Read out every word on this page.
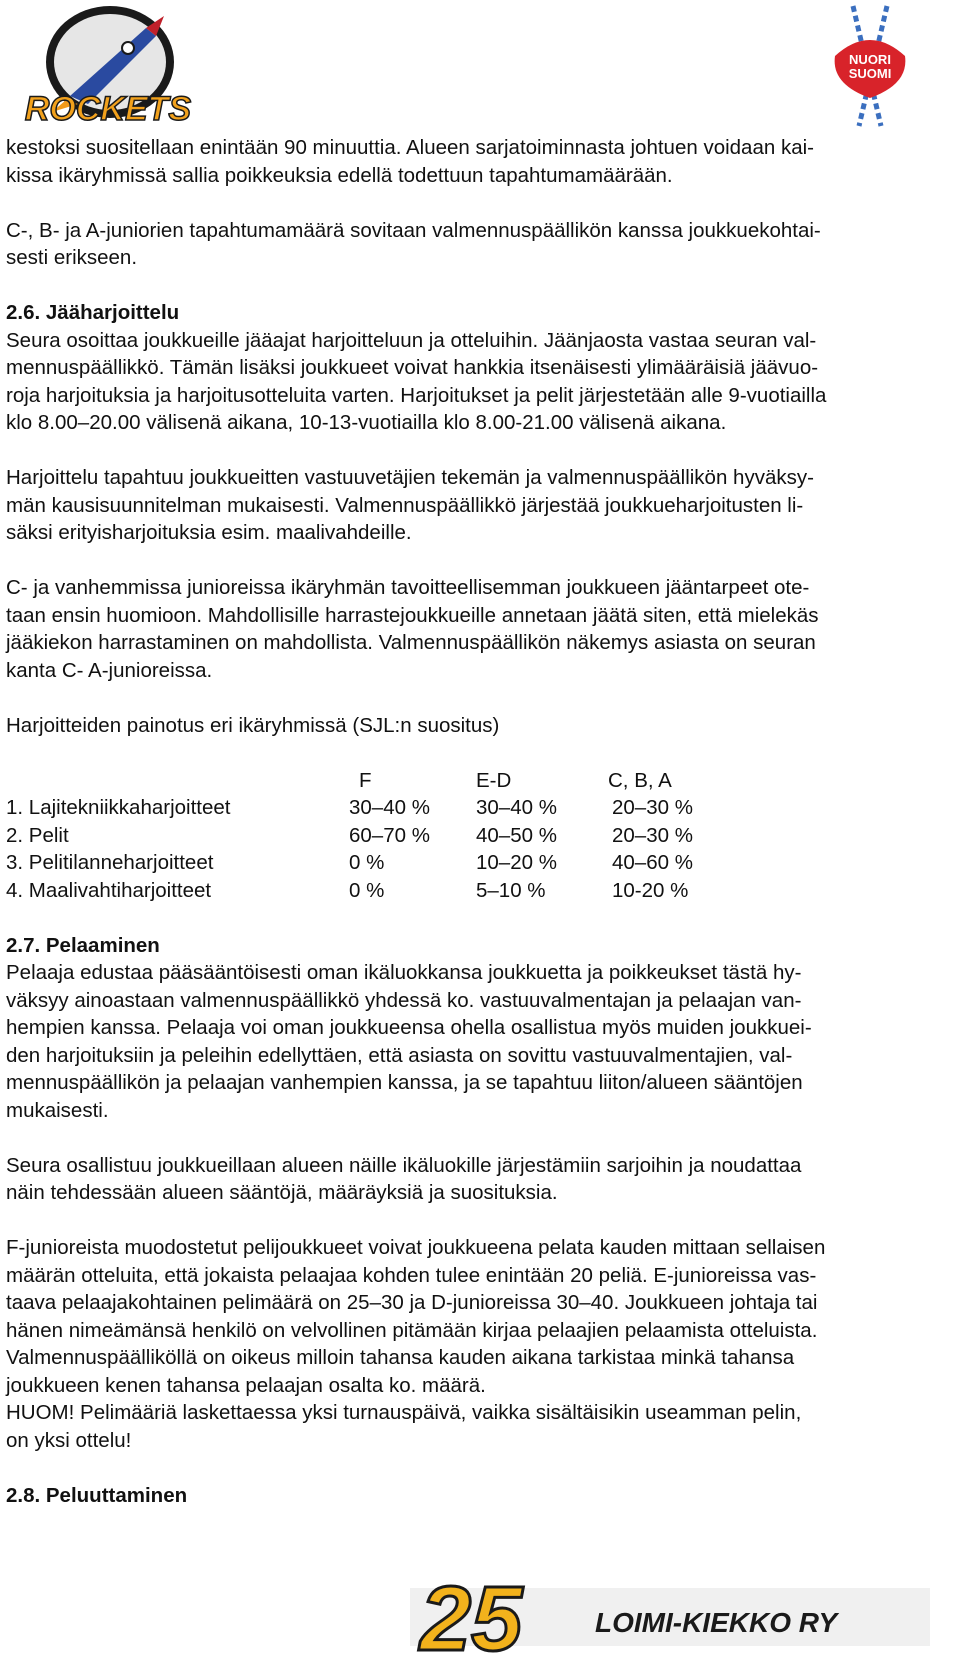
ROCKETS
NUORI
SUOMI

kestoksi suositellaan enintään 90 minuuttia. Alueen sarjatoiminnasta johtuen voidaan kai-

kissa ikäryhmissä sallia poikkeuksia edellä todettuun tapahtumamäärään.

C-, B- ja A-juniorien tapahtumamäärä sovitaan valmennuspäällikön kanssa joukkuekohtai-

sesti erikseen.

2.6. Jääharjoittelu

Seura osoittaa joukkueille jääajat harjoitteluun ja otteluihin. Jäänjaosta vastaa seuran val-

mennuspäällikkö. Tämän lisäksi joukkueet voivat hankkia itsenäisesti ylimääräisiä jäävuo-

roja harjoituksia ja harjoitusotteluita varten. Harjoitukset ja pelit järjestetään alle 9-vuotiailla

klo 8.00–20.00 välisenä aikana, 10-13-vuotiailla klo 8.00-21.00 välisenä aikana.

Harjoittelu tapahtuu joukkueitten vastuuvetäjien tekemän ja valmennuspäällikön hyväksy-

män kausisuunnitelman mukaisesti. Valmennuspäällikkö järjestää joukkueharjoitusten li-

säksi erityisharjoituksia esim. maalivahdeille.

C- ja vanhemmissa junioreissa ikäryhmän tavoitteellisemman joukkueen jääntarpeet ote-

taan ensin huomioon. Mahdollisille harrastejoukkueille annetaan jäätä siten, että mielekäs

jääkiekon harrastaminen on mahdollista. Valmennuspäällikön näkemys asiasta on seuran

kanta C- A-junioreissa.

Harjoitteiden painotus eri ikäryhmissä (SJL:n suositus)

F	E-D	C, B, A
1. Lajitekniikkaharjoitteet	30–40 % 30–40 %	20–30 %
2. Pelit	60–70 % 40–50 %	20–30 %
3. Pelitilanneharjoitteet	0 %	10–20 %	40–60 %
4. Maalivahtiharjoitteet	0 %	5–10 %	10-20 %

2.7. Pelaaminen

Pelaaja edustaa pääsääntöisesti oman ikäluokkansa joukkuetta ja poikkeukset tästä hy-

väksyy ainoastaan valmennuspäällikkö yhdessä ko. vastuuvalmentajan ja pelaajan van-

hempien kanssa. Pelaaja voi oman joukkueensa ohella osallistua myös muiden joukkuei-

den harjoituksiin ja peleihin edellyttäen, että asiasta on sovittu vastuuvalmentajien, val-

mennuspäällikön ja pelaajan vanhempien kanssa, ja se tapahtuu liiton/alueen sääntöjen

mukaisesti.

Seura osallistuu joukkueillaan alueen näille ikäluokille järjestämiin sarjoihin ja noudattaa

näin tehdessään alueen sääntöjä, määräyksiä ja suosituksia.

F-junioreista muodostetut pelijoukkueet voivat joukkueena pelata kauden mittaan sellaisen

määrän otteluita, että jokaista pelaajaa kohden tulee enintään 20 peliä. E-junioreissa vas-

taava pelaajakohtainen pelimäärä on 25–30 ja D-junioreissa 30–40. Joukkueen johtaja tai

hänen nimeämänsä henkilö on velvollinen pitämään kirjaa pelaajien pelaamista otteluista.

Valmennuspäälliköllä on oikeus milloin tahansa kauden aikana tarkistaa minkä tahansa

joukkueen kenen tahansa pelaajan osalta ko. määrä.

HUOM! Pelimääriä laskettaessa yksi turnauspäivä, vaikka sisältäisikin useamman pelin,

on yksi ottelu!

2.8. Peluuttaminen

25	LOIMI-KIEKKO RY
